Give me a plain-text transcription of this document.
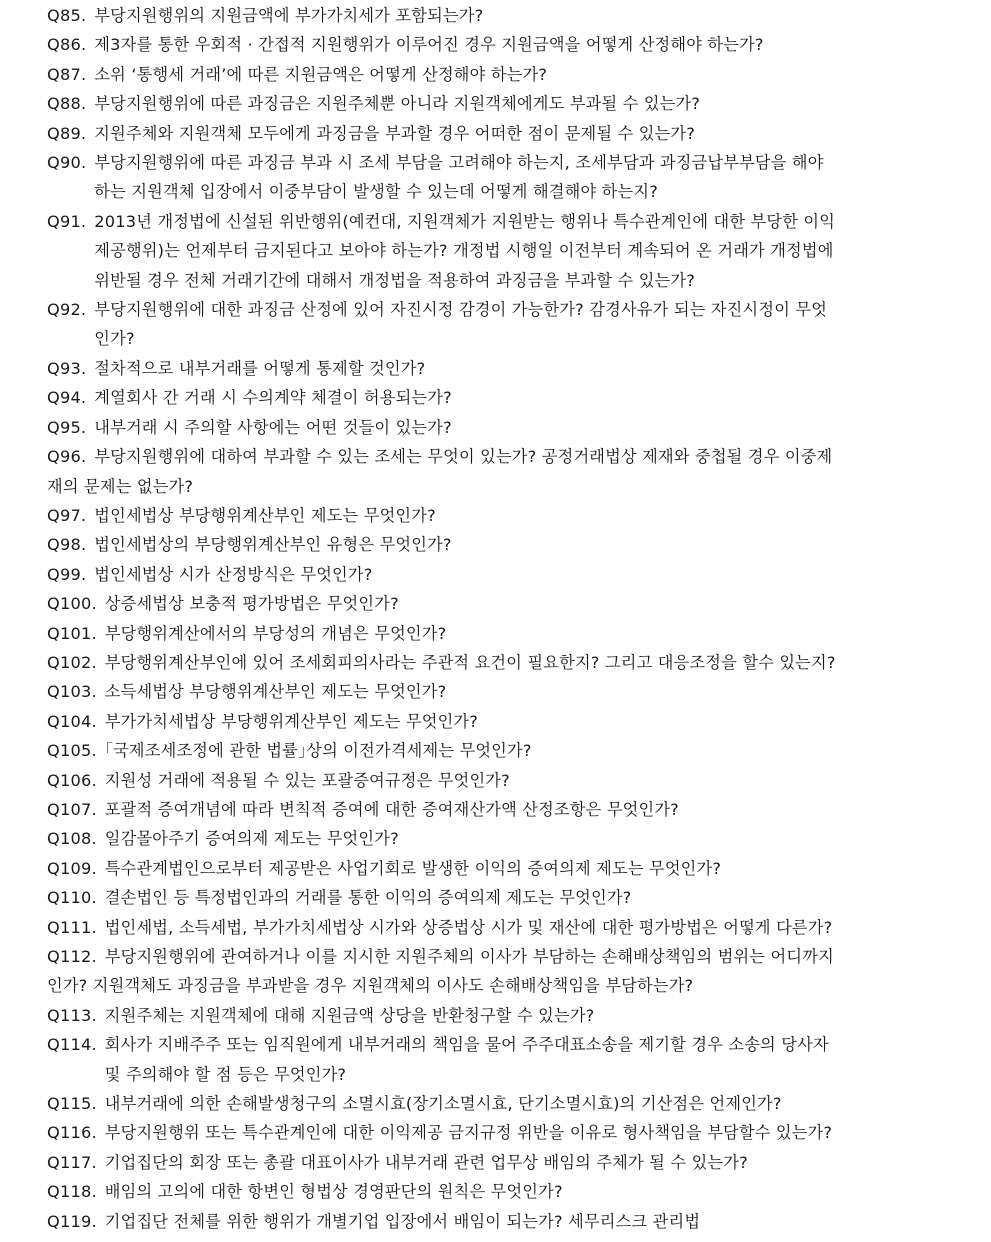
Q85. 부당지원행위의 지원금액에 부가가치세가 포함되는가?
Q86. 제3자를 통한 우회적 · 간접적 지원행위가 이루어진 경우 지원금액을 어떻게 산정해야 하는가?
Q87. 소위 ‘통행세 거래’에 따른 지원금액은 어떻게 산정해야 하는가?
Q88. 부당지원행위에 따른 과징금은 지원주체뿐 아니라 지원객체에게도 부과될 수 있는가?
Q89. 지원주체와 지원객체 모두에게 과징금을 부과할 경우 어떠한 점이 문제될 수 있는가?
Q90. 부당지원행위에 따른 과징금 부과 시 조세 부담을 고려해야 하는지, 조세부담과 과징금납부부담을 해야
하는 지원객체 입장에서 이중부담이 발생할 수 있는데 어떻게 해결해야 하는지?
Q91. 2013년 개정법에 신설된 위반행위(예컨대, 지원객체가 지원받는 행위나 특수관계인에 대한 부당한 이익
제공행위)는 언제부터 금지된다고 보아야 하는가? 개정법 시행일 이전부터 계속되어 온 거래가 개정법에
위반될 경우 전체 거래기간에 대해서 개정법을 적용하여 과징금을 부과할 수 있는가?
Q92. 부당지원행위에 대한 과징금 산정에 있어 자진시정 감경이 가능한가? 감경사유가 되는 자진시정이 무엇
인가?
Q93. 절차적으로 내부거래를 어떻게 통제할 것인가?
Q94. 계열회사 간 거래 시 수의계약 체결이 허용되는가?
Q95. 내부거래 시 주의할 사항에는 어떤 것들이 있는가?
Q96. 부당지원행위에 대하여 부과할 수 있는 조세는 무엇이 있는가? 공정거래법상 제재와 중첩될 경우 이중제
재의 문제는 없는가?
Q97. 법인세법상 부당행위계산부인 제도는 무엇인가?
Q98. 법인세법상의 부당행위계산부인 유형은 무엇인가?
Q99. 법인세법상 시가 산정방식은 무엇인가?
Q100. 상증세법상 보충적 평가방법은 무엇인가?
Q101. 부당행위계산에서의 부당성의 개념은 무엇인가?
Q102. 부당행위계산부인에 있어 조세회피의사라는 주관적 요건이 필요한지? 그리고 대응조정을 할수 있는지?
Q103. 소득세법상 부당행위계산부인 제도는 무엇인가?
Q104. 부가가치세법상 부당행위계산부인 제도는 무엇인가?
Q105. ｢국제조세조정에 관한 법률｣상의 이전가격세제는 무엇인가?
Q106. 지원성 거래에 적용될 수 있는 포괄증여규정은 무엇인가?
Q107. 포괄적 증여개념에 따라 변칙적 증여에 대한 증여재산가액 산정조항은 무엇인가?
Q108. 일감몰아주기 증여의제 제도는 무엇인가?
Q109. 특수관계법인으로부터 제공받은 사업기회로 발생한 이익의 증여의제 제도는 무엇인가?
Q110. 결손법인 등 특정법인과의 거래를 통한 이익의 증여의제 제도는 무엇인가?
Q111. 법인세법, 소득세법, 부가가치세법상 시가와 상증법상 시가 및 재산에 대한 평가방법은 어떻게 다른가?
Q112. 부당지원행위에 관여하거나 이를 지시한 지원주체의 이사가 부담하는 손해배상책임의 범위는 어디까지
인가? 지원객체도 과징금을 부과받을 경우 지원객체의 이사도 손해배상책임을 부담하는가?
Q113. 지원주체는 지원객체에 대해 지원금액 상당을 반환청구할 수 있는가?
Q114. 회사가 지배주주 또는 임직원에게 내부거래의 책임을 물어 주주대표소송을 제기할 경우 소송의 당사자
및 주의해야 할 점 등은 무엇인가?
Q115. 내부거래에 의한 손해발생청구의 소멸시효(장기소멸시효, 단기소멸시효)의 기산점은 언제인가?
Q116. 부당지원행위 또는 특수관계인에 대한 이익제공 금지규정 위반을 이유로 형사책임을 부담할수 있는가?
Q117. 기업집단의 회장 또는 총괄 대표이사가 내부거래 관련 업무상 배임의 주체가 될 수 있는가?
Q118. 배임의 고의에 대한 항변인 형법상 경영판단의 원칙은 무엇인가?
Q119. 기업집단 전체를 위한 행위가 개별기업 입장에서 배임이 되는가? 세무리스크 관리법
